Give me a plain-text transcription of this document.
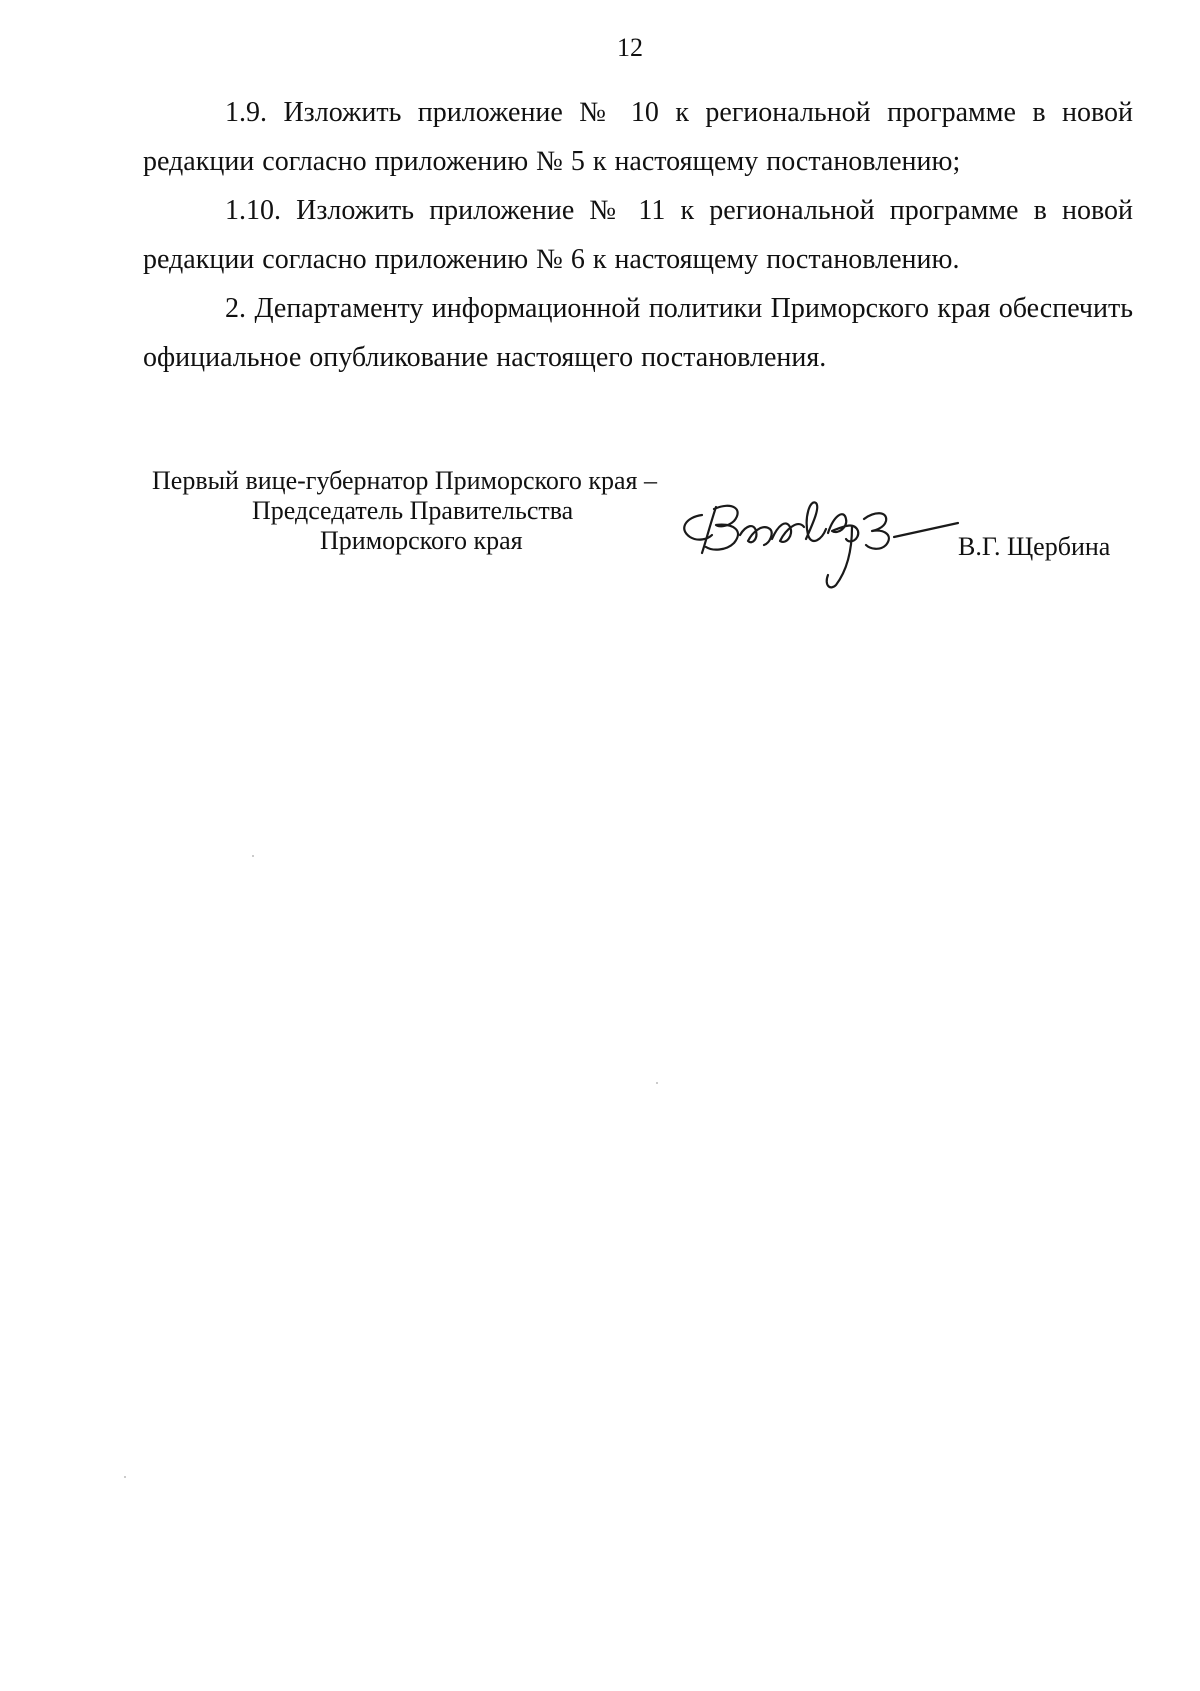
12

1.9. Изложить приложение № 10 к региональной программе в новой редакции согласно приложению № 5 к настоящему постановлению;

1.10. Изложить приложение № 11 к региональной программе в новой редакции согласно приложению № 6 к настоящему постановлению.

2. Департаменту информационной политики Приморского края обеспечить официальное опубликование настоящего постановления.

Первый вице-губернатор Приморского края –
Председатель Правительства
Приморского края	В.Г. Щербина
